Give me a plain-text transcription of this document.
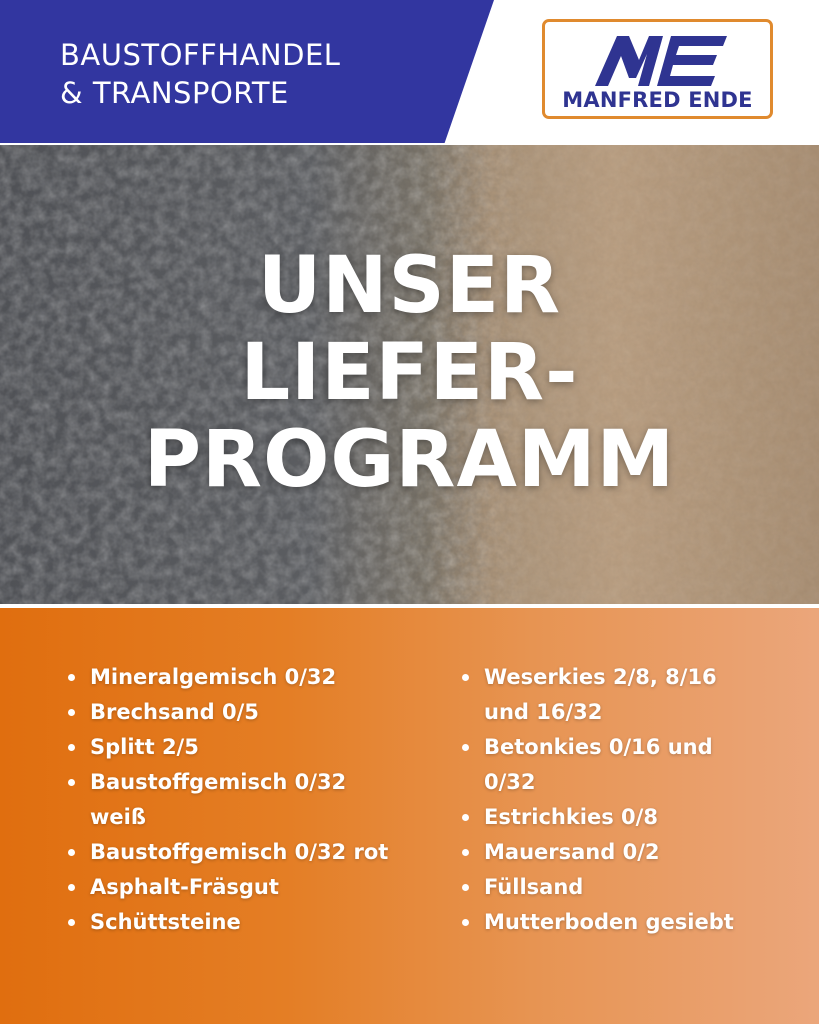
BAUSTOFFHANDEL
& TRANSPORTE	MANFRED ENDE
UNSER
LIEFER-
PROGRAMM
Mineralgemisch 0/32
Brechsand 0/5
Splitt 2/5
Baustoffgemisch 0/32 weiß
Baustoffgemisch 0/32 rot
Asphalt-Fräsgut
Schüttsteine
Weserkies 2/8, 8/16 und 16/32
Betonkies 0/16 und 0/32
Estrichkies 0/8
Mauersand 0/2
Füllsand
Mutterboden gesiebt
